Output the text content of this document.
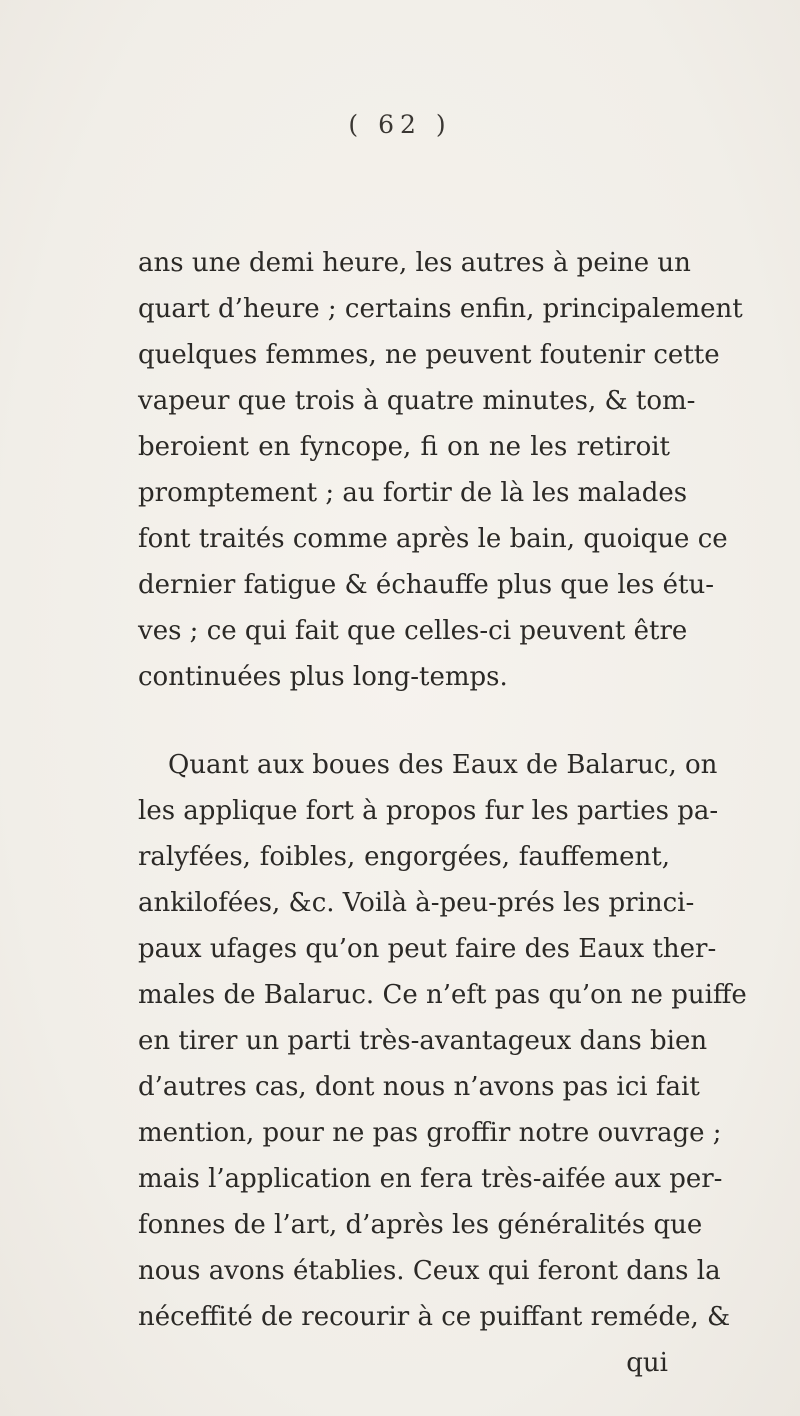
( 62 )
ans une demi heure, les autres à peine un
quart d’heure ; certains enfin, principalement
quelques femmes, ne peuvent foutenir cette
vapeur que trois à quatre minutes, & tom-
beroient en fyncope, fi on ne les retiroit
promptement ; au fortir de là les malades
font traités comme après le bain, quoique ce
dernier fatigue & échauffe plus que les étu-
ves ; ce qui fait que celles-ci peuvent être
continuées plus long-temps.
Quant aux boues des Eaux de Balaruc, on
les applique fort à propos fur les parties pa-
ralyfées, foibles, engorgées, fauffement,
ankilofées, &c. Voilà à-peu-prés les princi-
paux ufages qu’on peut faire des Eaux ther-
males de Balaruc. Ce n’eft pas qu’on ne puiffe
en tirer un parti très-avantageux dans bien
d’autres cas, dont nous n’avons pas ici fait
mention, pour ne pas groffir notre ouvrage ;
mais l’application en fera très-aifée aux per-
fonnes de l’art, d’après les généralités que
nous avons établies. Ceux qui feront dans la
néceffité de recourir à ce puiffant reméde, &
qui
